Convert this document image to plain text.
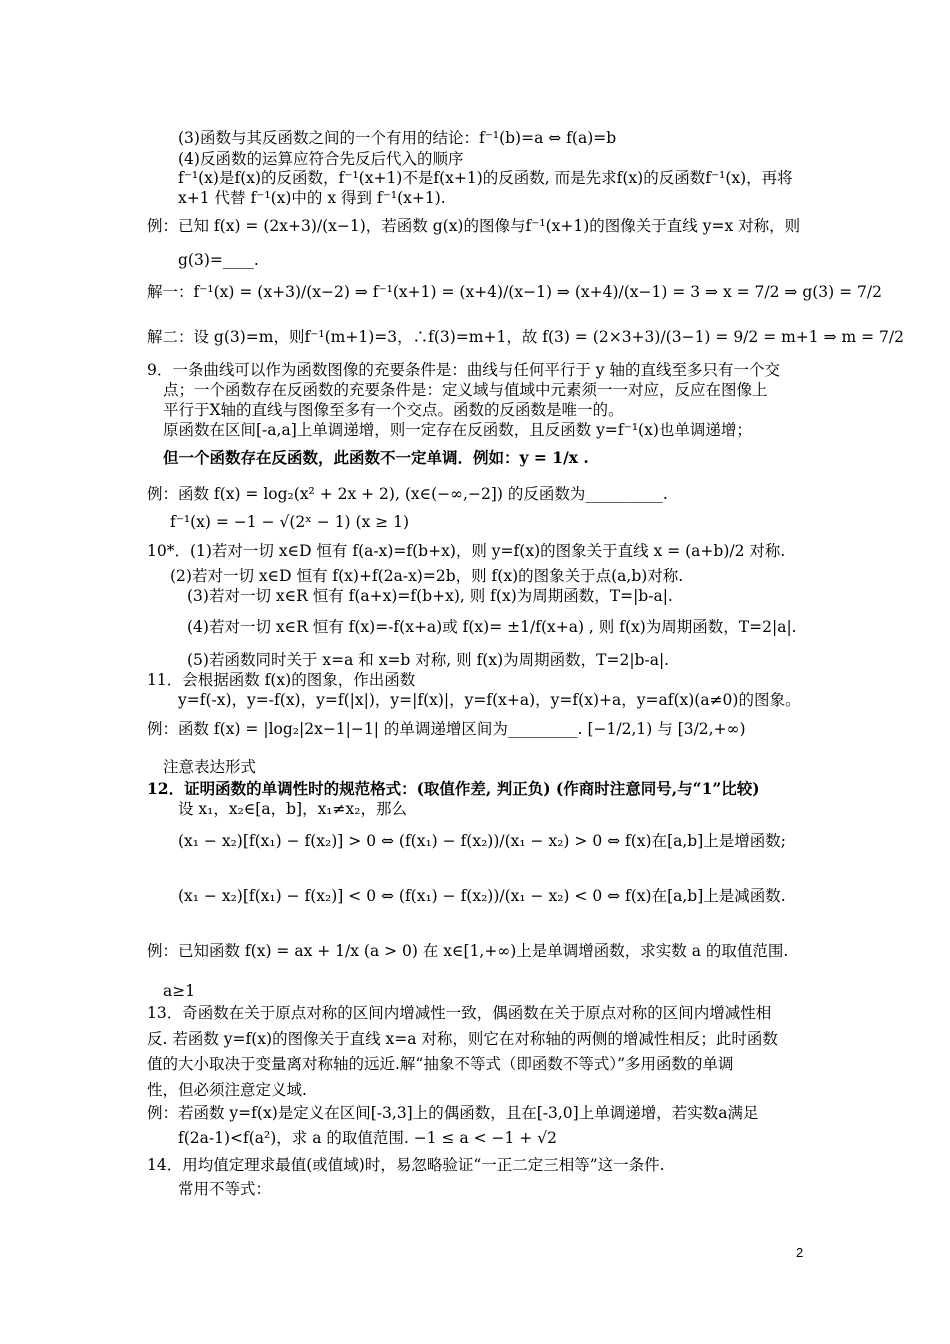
(3)函数与其反函数之间的一个有用的结论：f⁻¹(b)=a ⇔ f(a)=b
(4)反函数的运算应符合先反后代入的顺序
f⁻¹(x)是f(x)的反函数，f⁻¹(x+1)不是f(x+1)的反函数, 而是先求f(x)的反函数f⁻¹(x)，再将
x+1 代替 f⁻¹(x)中的 x 得到 f⁻¹(x+1).
例：已知 f(x) = (2x+3)/(x−1)，若函数 g(x)的图像与f⁻¹(x+1)的图像关于直线 y=x 对称，则
g(3)=____.
解一：f⁻¹(x) = (x+3)/(x−2) ⇒ f⁻¹(x+1) = (x+4)/(x−1) ⇒ (x+4)/(x−1) = 3 ⇒ x = 7/2 ⇒ g(3) = 7/2
解二：设 g(3)=m，则f⁻¹(m+1)=3，∴f(3)=m+1，故 f(3) = (2×3+3)/(3−1) = 9/2 = m+1 ⇒ m = 7/2
9．一条曲线可以作为函数图像的充要条件是：曲线与任何平行于 y 轴的直线至多只有一个交
点；一个函数存在反函数的充要条件是：定义域与值域中元素须一一对应，反应在图像上
平行于X轴的直线与图像至多有一个交点。函数的反函数是唯一的。
原函数在区间[-a,a]上单调递增，则一定存在反函数，且反函数 y=f⁻¹(x)也单调递增；
但一个函数存在反函数，此函数不一定单调．例如：y = 1/x .
例：函数 f(x) = log₂(x² + 2x + 2), (x∈(−∞,−2]) 的反函数为__________.
f⁻¹(x) = −1 − √(2ˣ − 1) (x ≥ 1)
10*．(1)若对一切 x∈D 恒有 f(a-x)=f(b+x)，则 y=f(x)的图象关于直线 x = (a+b)/2 对称.
(2)若对一切 x∈D 恒有 f(x)+f(2a-x)=2b，则 f(x)的图象关于点(a,b)对称.
(3)若对一切 x∈R 恒有 f(a+x)=f(b+x), 则 f(x)为周期函数，T=|b-a|.
(4)若对一切 x∈R 恒有 f(x)=-f(x+a)或 f(x)= ±1/f(x+a) , 则 f(x)为周期函数，T=2|a|.
(5)若函数同时关于 x=a 和 x=b 对称, 则 f(x)为周期函数，T=2|b-a|.
11．会根据函数 f(x)的图象，作出函数
y=f(-x)，y=-f(x)，y=f(|x|)，y=|f(x)|，y=f(x+a)，y=f(x)+a，y=af(x)(a≠0)的图象。
例：函数 f(x) = |log₂|2x−1|−1| 的单调递增区间为_________. [−1/2,1) 与 [3/2,+∞)
注意表达形式
12．证明函数的单调性时的规范格式：(取值作差, 判正负) (作商时注意同号,与“1”比较)
设 x₁，x₂∈[a，b]，x₁≠x₂，那么
(x₁ − x₂)[f(x₁) − f(x₂)] > 0 ⇔ (f(x₁) − f(x₂))/(x₁ − x₂) > 0 ⇔ f(x)在[a,b]上是增函数;
(x₁ − x₂)[f(x₁) − f(x₂)] < 0 ⇔ (f(x₁) − f(x₂))/(x₁ − x₂) < 0 ⇔ f(x)在[a,b]上是减函数.
例：已知函数 f(x) = ax + 1/x (a > 0) 在 x∈[1,+∞)上是单调增函数，求实数 a 的取值范围.
a≥1
13．奇函数在关于原点对称的区间内增减性一致，偶函数在关于原点对称的区间内增减性相
反. 若函数 y=f(x)的图像关于直线 x=a 对称，则它在对称轴的两侧的增减性相反；此时函数
值的大小取决于变量离对称轴的远近.解“抽象不等式（即函数不等式）”多用函数的单调
性，但必须注意定义域.
例：若函数 y=f(x)是定义在区间[-3,3]上的偶函数，且在[-3,0]上单调递增，若实数a满足
f(2a-1)<f(a²)，求 a 的取值范围. −1 ≤ a < −1 + √2
14．用均值定理求最值(或值域)时，易忽略验证“一正二定三相等”这一条件.
常用不等式：
2
